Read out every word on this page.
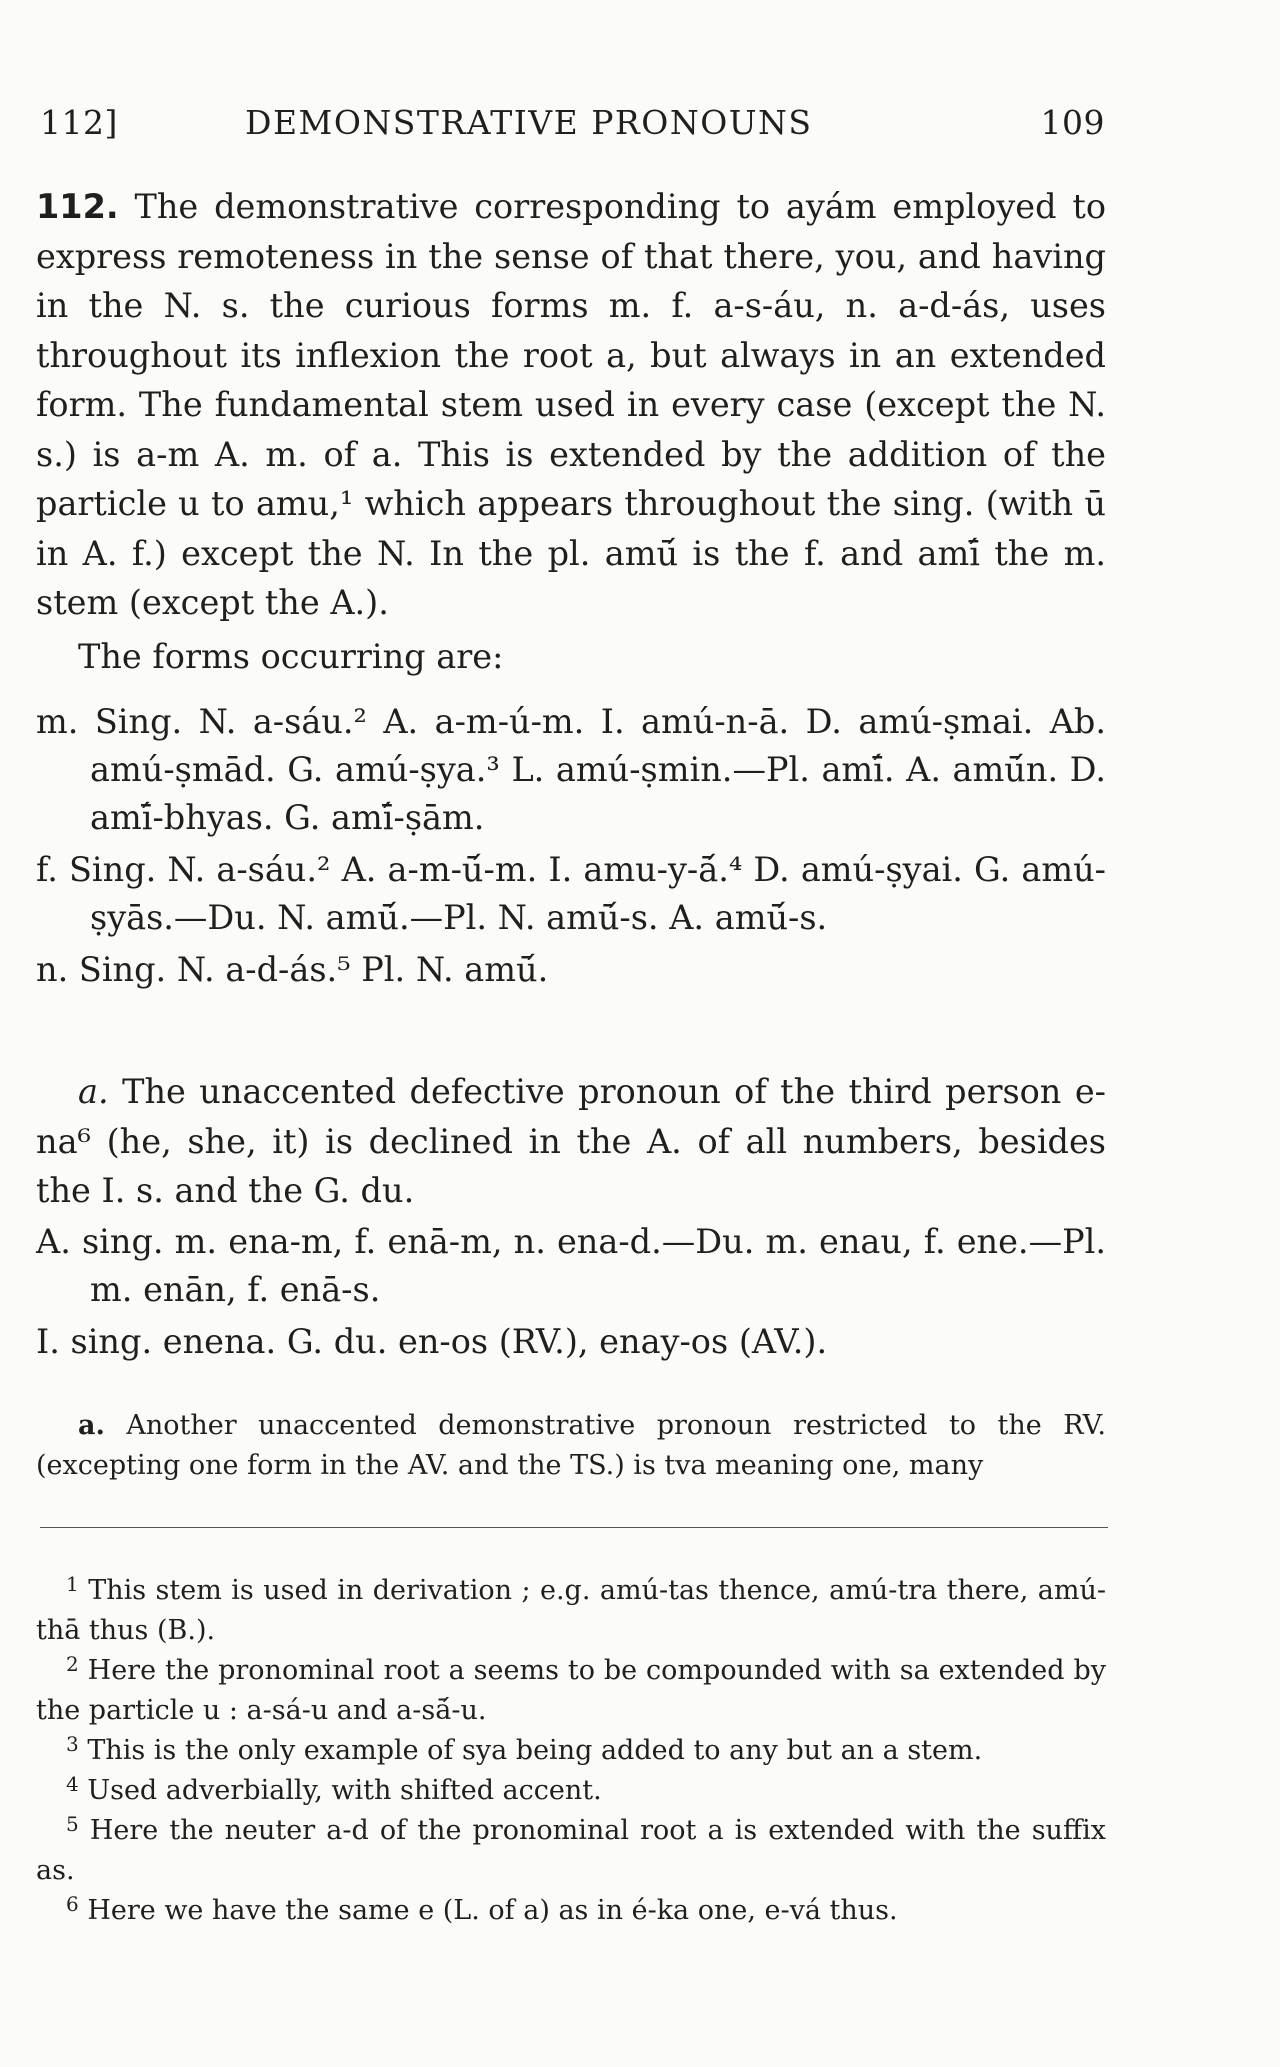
112]	DEMONSTRATIVE PRONOUNS	109
112. The demonstrative corresponding to ayám employed to express remoteness in the sense of that there, you, and having in the N. s. the curious forms m. f. a-s-áu, n. a-d-ás, uses throughout its inflexion the root a, but always in an extended form. The fundamental stem used in every case (except the N. s.) is a-m A. m. of a. This is extended by the addition of the particle u to amu,¹ which appears throughout the sing. (with ū in A. f.) except the N. In the pl. amū́ is the f. and amī́ the m. stem (except the A.).
The forms occurring are:
m. Sing. N. a-sáu.² A. a-m-ú-m. I. amú-n-ā. D. amú-ṣmai. Ab. amú-ṣmād. G. amú-ṣya.³ L. amú-ṣmin.—Pl. amī́. A. amū́n. D. amī́-bhyas. G. amī́-ṣām.
f. Sing. N. a-sáu.² A. a-m-ū́-m. I. amu-y-ā́.⁴ D. amú-ṣyai. G. amú-ṣyās.—Du. N. amū́.—Pl. N. amū́-s. A. amū́-s.
n. Sing. N. a-d-ás.⁵ Pl. N. amū́.
a. The unaccented defective pronoun of the third person e-na⁶ (he, she, it) is declined in the A. of all numbers, besides the I. s. and the G. du.
A. sing. m. ena-m, f. enā-m, n. ena-d.—Du. m. enau, f. ene.—Pl. m. enān, f. enā-s.
I. sing. enena. G. du. en-os (RV.), enay-os (AV.).
a. Another unaccented demonstrative pronoun restricted to the RV. (excepting one form in the AV. and the TS.) is tva meaning one, many
$^1$ This stem is used in derivation ; e.g. amú-tas thence, amú-tra there, amú-thā thus (B.).
$^2$ Here the pronominal root a seems to be compounded with sa extended by the particle u : a-sá-u and a-sā́-u.
$^3$ This is the only example of sya being added to any but an a stem.
$^4$ Used adverbially, with shifted accent.
$^5$ Here the neuter a-d of the pronominal root a is extended with the suffix as.
$^6$ Here we have the same e (L. of a) as in é-ka one, e-vá thus.
